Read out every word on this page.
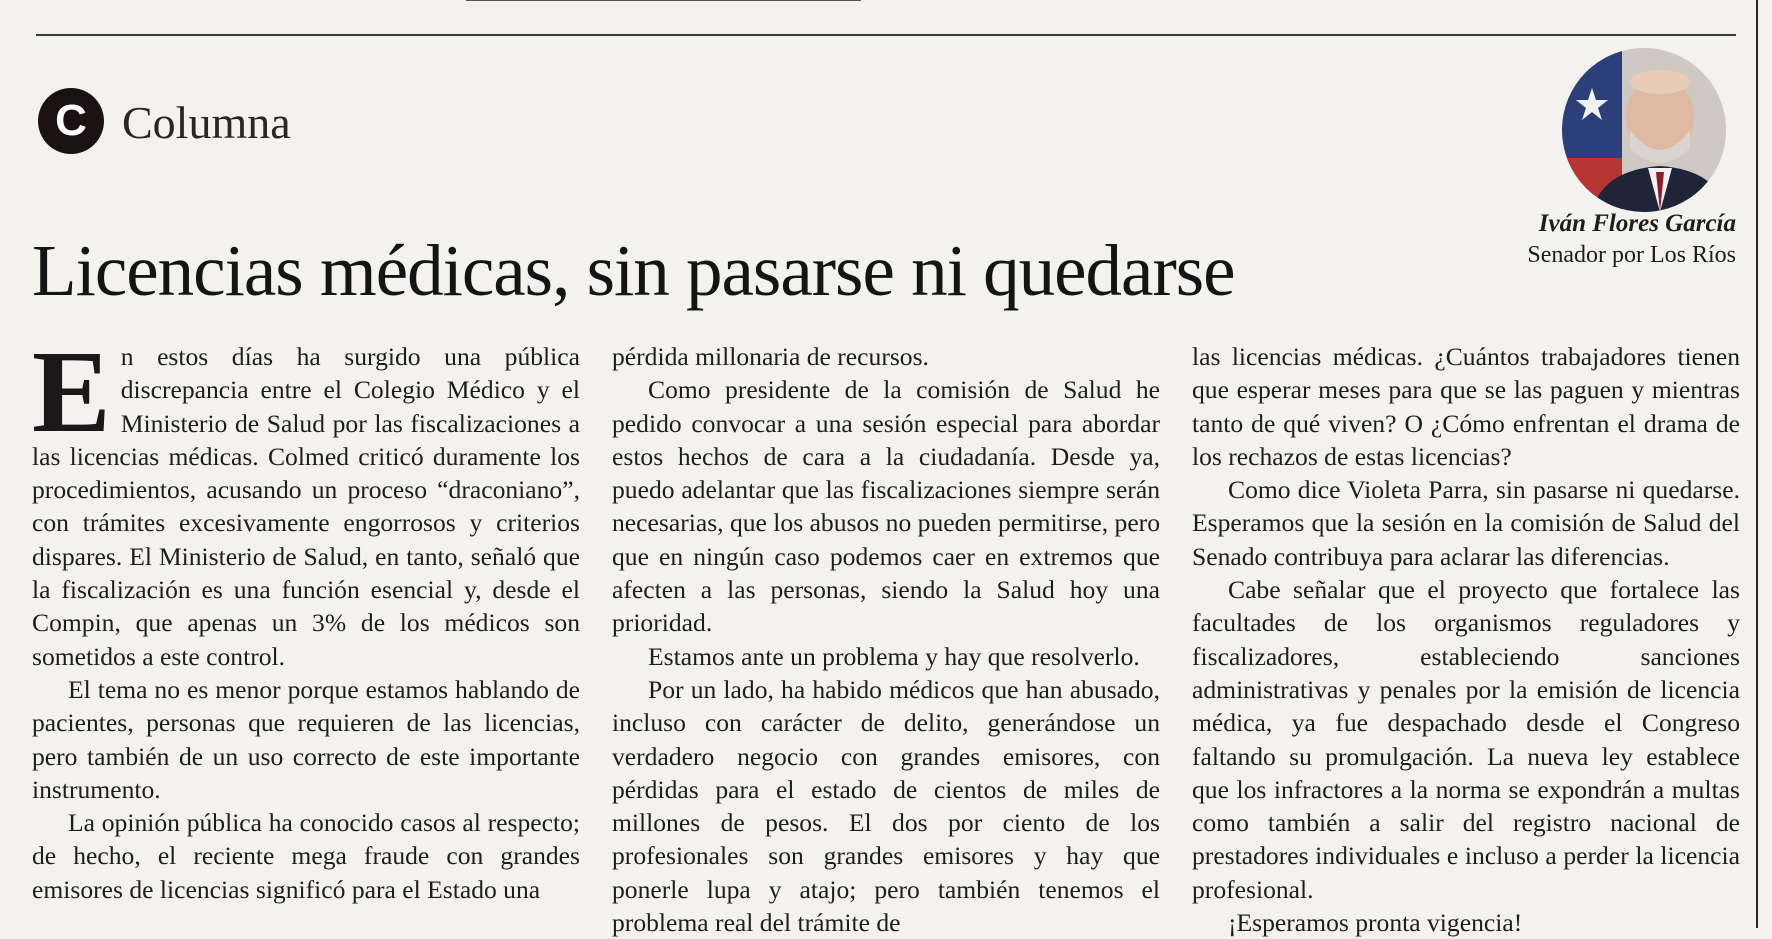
C Columna
Iván Flores García
Senador por Los Ríos
Licencias médicas, sin pasarse ni quedarse
E n estos días ha surgido una pública discrepancia entre el Colegio Médico y el Ministerio de Salud por las fiscalizaciones a las licencias médicas. Colmed criticó duramente los procedimientos, acusando un proceso “draconiano”, con trámites excesivamente engorrosos y criterios dispares. El Ministerio de Salud, en tanto, señaló que la fiscalización es una función esencial y, desde el Compin, que apenas un 3% de los médicos son sometidos a este control.

El tema no es menor porque estamos hablando de pacientes, personas que requieren de las licencias, pero también de un uso correcto de este importante instrumento.

La opinión pública ha conocido casos al respecto; de hecho, el reciente mega fraude con grandes emisores de licencias significó para el Estado una

pérdida millonaria de recursos.

Como presidente de la comisión de Salud he pedido convocar a una sesión especial para abordar estos hechos de cara a la ciudadanía. Desde ya, puedo adelantar que las fiscalizaciones siempre serán necesarias, que los abusos no pueden permitirse, pero que en ningún caso podemos caer en extremos que afecten a las personas, siendo la Salud hoy una prioridad.

Estamos ante un problema y hay que resolverlo.

Por un lado, ha habido médicos que han abusado, incluso con carácter de delito, generándose un verdadero negocio con grandes emisores, con pérdidas para el estado de cientos de miles de millones de pesos. El dos por ciento de los profesionales son grandes emisores y hay que ponerle lupa y atajo; pero también tenemos el problema real del trámite de

las licencias médicas. ¿Cuántos trabajadores tienen que esperar meses para que se las paguen y mientras tanto de qué viven? O ¿Cómo enfrentan el drama de los rechazos de estas licencias?

Como dice Violeta Parra, sin pasarse ni quedarse. Esperamos que la sesión en la comisión de Salud del Senado contribuya para aclarar las diferencias.

Cabe señalar que el proyecto que fortalece las facultades de los organismos reguladores y fiscalizadores, estableciendo sanciones administrativas y penales por la emisión de licencia médica, ya fue despachado desde el Congreso faltando su promulgación. La nueva ley establece que los infractores a la norma se expondrán a multas como también a salir del registro nacional de prestadores individuales e incluso a perder la licencia profesional.

¡Esperamos pronta vigencia!
